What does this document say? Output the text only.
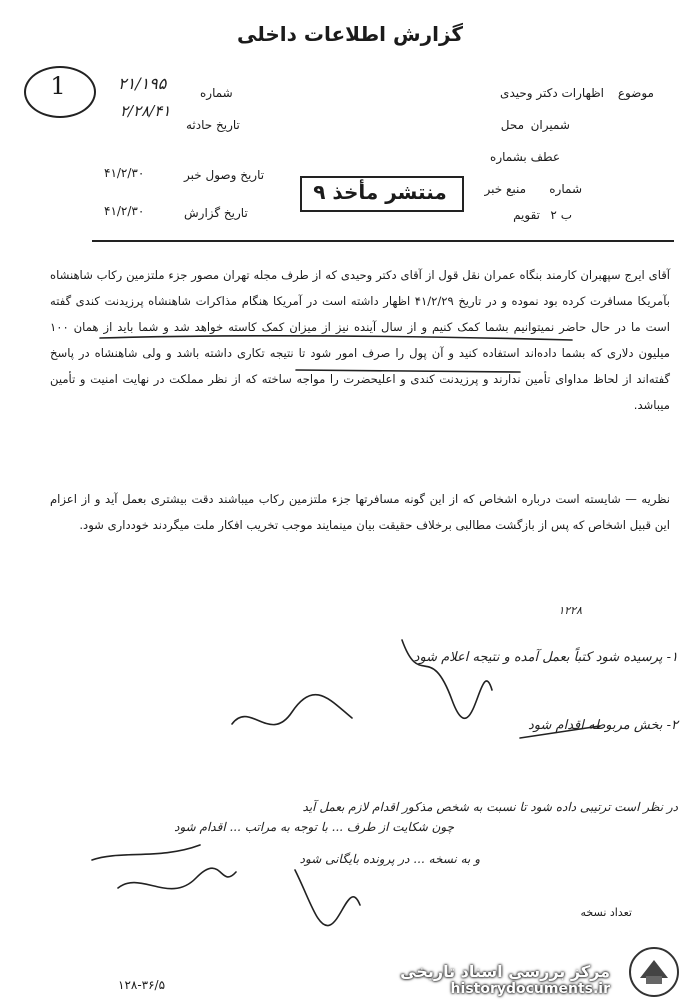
گزارش اطلاعات داخلی
1	شماره
۲۱/۱۹۵
تاریخ حادثه
۲/۲۸/۴۱
تاریخ وصول خبر
۴۱/۲/۳۰
تاریخ گزارش
۴۱/۲/۳۰
موضوع
اظهارات دکتر وحیدی
محل شمیران
عطف بشماره
منبع خبر شماره
تقویم ب ۲
منتشر مأخذ ۹
آقای ایرج سپهبران کارمند بنگاه عمران نقل قول از آقای دکتر وحیدی که از طرف مجله تهران مصور جزء ملتزمین رکاب شاهنشاه بآمریکا مسافرت کرده بود نموده و در تاریخ ۴۱/۲/۲۹ اظهار داشته است در آمریکا هنگام مذاکرات شاهنشاه پرزیدنت کندی گفته است ما در حال حاضر نمیتوانیم بشما کمک کنیم و از سال آینده نیز از میزان کمک کاسته خواهد شد و شما باید از همان ۱۰۰ میلیون دلاری که بشما داده‌اند استفاده کنید و آن پول را صرف امور شود تا نتیجه تکاری داشته باشد و ولی شاهنشاه در پاسخ گفته‌اند از لحاظ مداوای تأمین ندارند و پرزیدنت کندی و اعلیحضرت را مواجه ساخته که از نظر مملکت در نهایت امنیت و تأمین میباشد.
نظریه — شایسته است درباره اشخاص که از این گونه مسافرتها جزء ملتزمین رکاب میباشند دقت بیشتری بعمل آید و از اعزام این قبیل اشخاص که پس از بازگشت مطالبی برخلاف حقیقت بیان مینمایند موجب تخریب افکار ملت میگردند خودداری شود.
۱۲۲۸
۱- پرسیده شود کتباً بعمل آمده و نتیجه اعلام شود
۲- بخش مربوطه اقدام شود
در نظر است ترتیبی داده شود تا نسبت به شخص مذکور اقدام لازم بعمل آید
چون شکایت از طرف ... با توجه به مراتب ... اقدام شود
و به نسخه ... در پرونده بایگانی شود
تعداد نسخه
۱۲۸-۳۶/۵
مرکز بررسی اسناد تاریخی
historydocuments.ir
